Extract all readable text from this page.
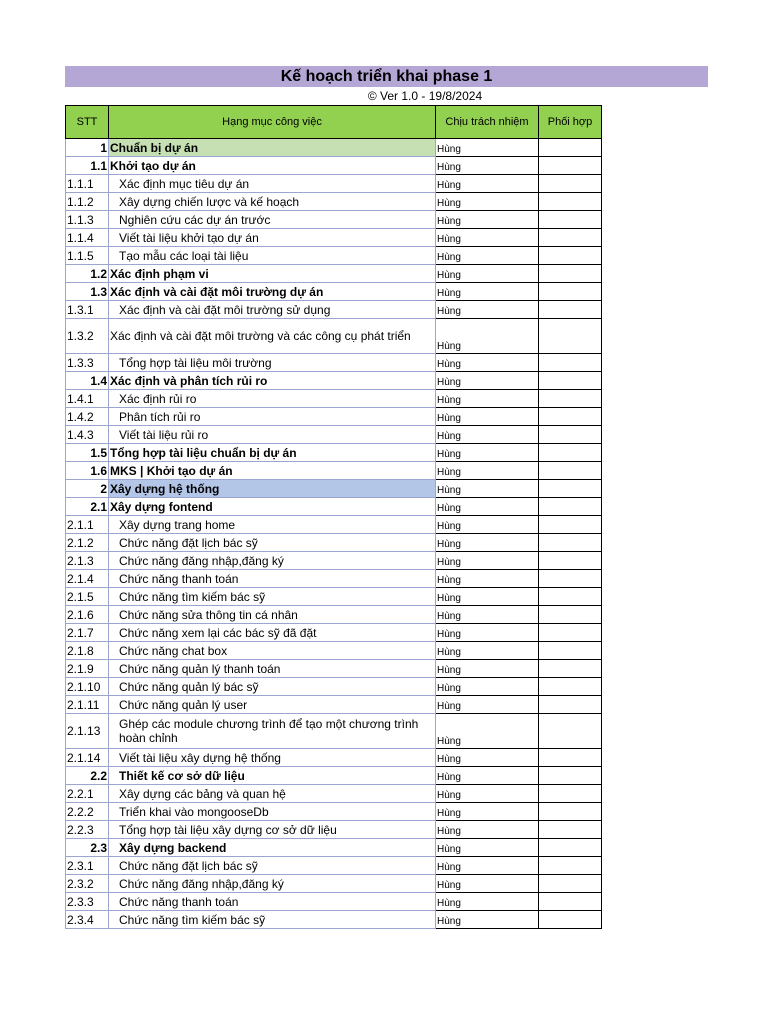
Kế hoạch triển khai phase 1
© Ver 1.0 - 19/8/2024
STT	Hạng mục công việc	Chịu trách nhiệm	Phối hợp
1	Chuẩn bị dự án	Hùng	
1.1	Khởi tạo dự án	Hùng	
1.1.1	Xác định mục tiêu dự án	Hùng	
1.1.2	Xây dựng chiến lược và kế hoạch	Hùng	
1.1.3	Nghiên cứu các dự án trước	Hùng	
1.1.4	Viết tài liệu khởi tạo dự án	Hùng	
1.1.5	Tạo mẫu các loại tài liệu	Hùng	
1.2	Xác định phạm vi	Hùng	
1.3	Xác định và cài đặt môi trường dự án	Hùng	
1.3.1	Xác định và cài đặt môi trường sử dụng	Hùng	
1.3.2	Xác định và cài đặt môi trường và các công cụ phát triển	Hùng	
1.3.3	Tổng hợp tài liệu môi trường	Hùng	
1.4	Xác định và phân tích rủi ro	Hùng	
1.4.1	Xác định rủi ro	Hùng	
1.4.2	Phân tích rủi ro	Hùng	
1.4.3	Viết tài liệu rủi ro	Hùng	
1.5	Tổng hợp tài liệu chuẩn bị dự án	Hùng	
1.6	MKS | Khởi tạo dự án	Hùng	
2	Xây dựng hệ thống	Hùng	
2.1	Xây dựng fontend	Hùng	
2.1.1	Xây dựng trang home	Hùng	
2.1.2	Chức năng đặt lịch bác sỹ	Hùng	
2.1.3	Chức năng đăng nhập,đăng ký	Hùng	
2.1.4	Chức năng thanh toán	Hùng	
2.1.5	Chức năng tìm kiếm bác sỹ	Hùng	
2.1.6	Chức năng sửa thông tin cá nhân	Hùng	
2.1.7	Chức năng xem lại các bác sỹ đã đặt	Hùng	
2.1.8	Chức năng chat box	Hùng	
2.1.9	Chức năng quản lý thanh toán	Hùng	
2.1.10	Chức năng quản lý bác sỹ	Hùng	
2.1.11	Chức năng quản lý user	Hùng	
2.1.13	Ghép các module chương trình để tạo một chương trình hoàn chỉnh	Hùng	
2.1.14	Viết tài liệu xây dựng hệ thống	Hùng	
2.2	Thiết kế cơ sở dữ liệu	Hùng	
2.2.1	Xây dựng các bảng và quan hệ	Hùng	
2.2.2	Triển khai vào mongooseDb	Hùng	
2.2.3	Tổng hợp tài liệu xây dựng cơ sở dữ liệu	Hùng	
2.3	Xây dựng backend	Hùng	
2.3.1	Chức năng đặt lịch bác sỹ	Hùng	
2.3.2	Chức năng đăng nhập,đăng ký	Hùng	
2.3.3	Chức năng thanh toán	Hùng	
2.3.4	Chức năng tìm kiếm bác sỹ	Hùng	
